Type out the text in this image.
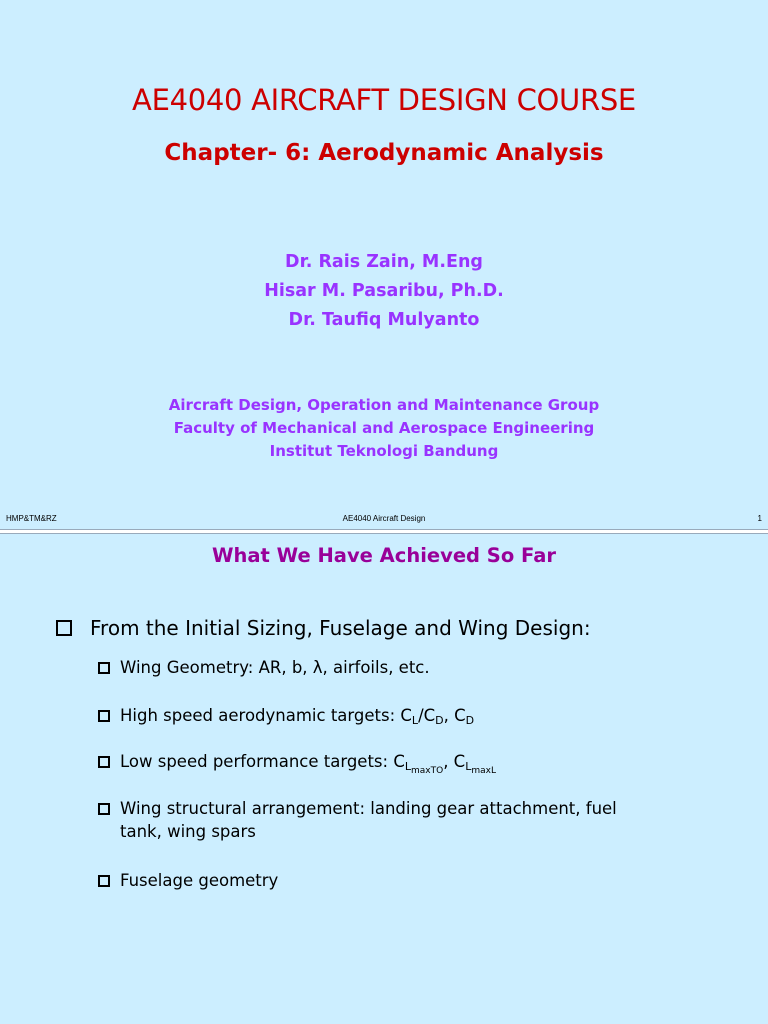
AE4040 AIRCRAFT DESIGN COURSE
Chapter- 6: Aerodynamic Analysis
Dr. Rais Zain, M.Eng
Hisar M. Pasaribu, Ph.D.
Dr. Taufiq Mulyanto
Aircraft Design, Operation and Maintenance Group
Faculty of Mechanical and Aerospace Engineering
Institut Teknologi Bandung
HMP&TM&RZ	AE4040 Aircraft Design	1
What We Have Achieved So Far
From the Initial Sizing, Fuselage and Wing Design:
Wing Geometry: AR, b, λ, airfoils, etc.
High speed aerodynamic targets: $C_L/C_D$, $C_D$
Low speed performance targets: $C_{L_{maxTO}}$, $C_{L_{maxL}}$
Wing structural arrangement: landing gear attachment, fuel
tank, wing spars
Fuselage geometry
